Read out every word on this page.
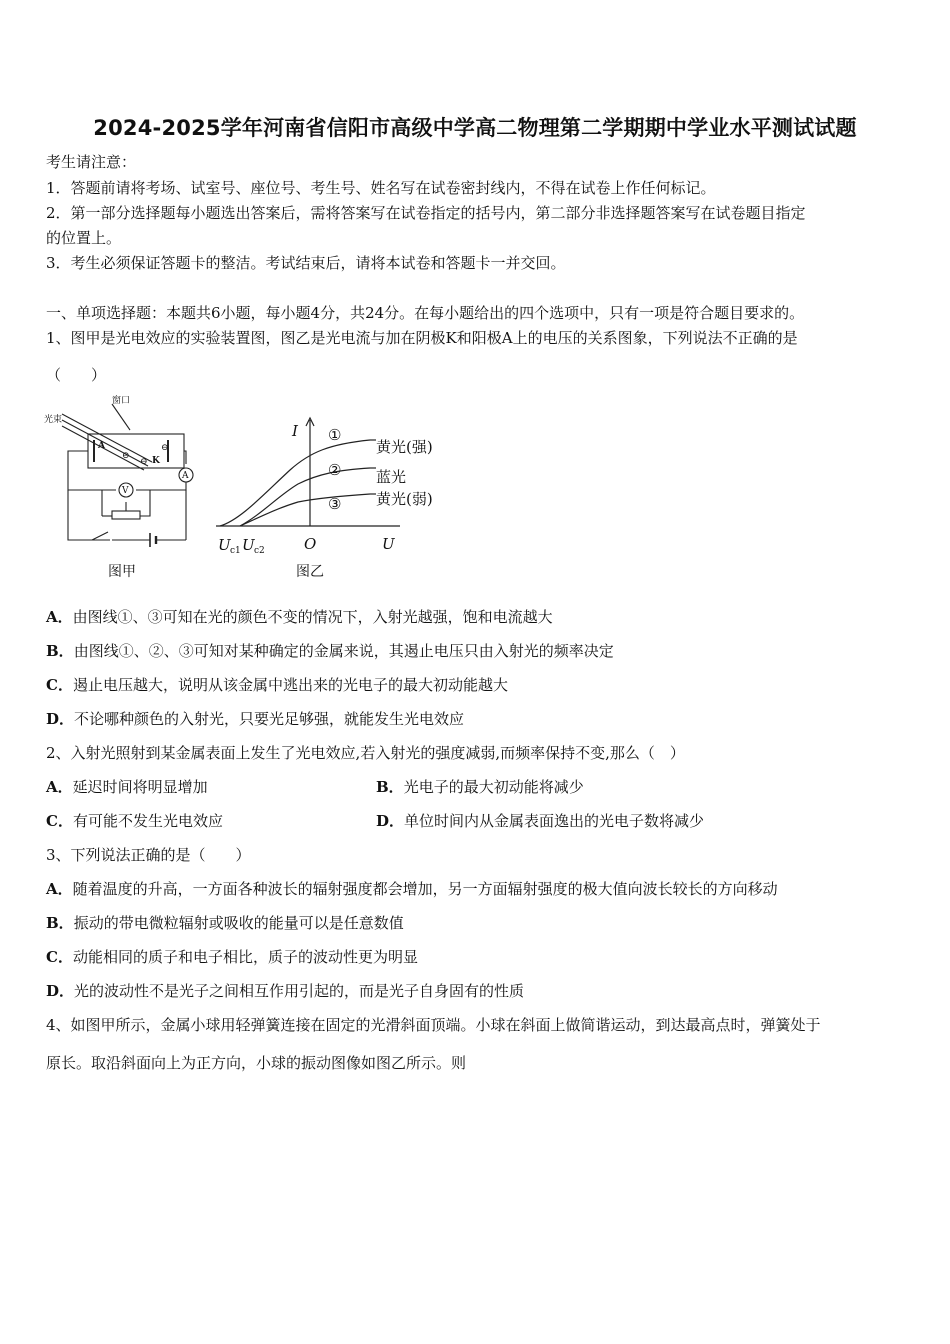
2024-2025学年河南省信阳市高级中学高二物理第二学期期中学业水平测试试题
考生请注意：
1．答题前请将考场、试室号、座位号、考生号、姓名写在试卷密封线内，不得在试卷上作任何标记。
2．第一部分选择题每小题选出答案后，需将答案写在试卷指定的括号内，第二部分非选择题答案写在试卷题目指定
的位置上。
3．考生必须保证答题卡的整洁。考试结束后，请将本试卷和答题卡一并交回。
一、单项选择题：本题共6小题，每小题4分，共24分。在每小题给出的四个选项中，只有一项是符合题目要求的。
1、图甲是光电效应的实验装置图，图乙是光电流与加在阴极K和阳极A上的电压的关系图象，下列说法不正确的是
（　　）
光束
窗口
A
K
⊖
⊖
⊖
A
V
图甲
I
U
O
U c1 U c2
①
②
③
黄光(强)
蓝光
黄光(弱)
图乙
A．由图线①、③可知在光的颜色不变的情况下，入射光越强，饱和电流越大
B．由图线①、②、③可知对某种确定的金属来说，其遏止电压只由入射光的频率决定
C．遏止电压越大，说明从该金属中逃出来的光电子的最大初动能越大
D．不论哪种颜色的入射光，只要光足够强，就能发生光电效应
2、入射光照射到某金属表面上发生了光电效应,若入射光的强度减弱,而频率保持不变,那么（　）
A．延迟时间将明显增加	B．光电子的最大初动能将减少
C．有可能不发生光电效应	D．单位时间内从金属表面逸出的光电子数将减少
3、下列说法正确的是（　　）
A．随着温度的升高，一方面各种波长的辐射强度都会增加，另一方面辐射强度的极大值向波长较长的方向移动
B．振动的带电微粒辐射或吸收的能量可以是任意数值
C．动能相同的质子和电子相比，质子的波动性更为明显
D．光的波动性不是光子之间相互作用引起的，而是光子自身固有的性质
4、如图甲所示，金属小球用轻弹簧连接在固定的光滑斜面顶端。小球在斜面上做简谐运动，到达最高点时，弹簧处于
原长。取沿斜面向上为正方向，小球的振动图像如图乙所示。则
